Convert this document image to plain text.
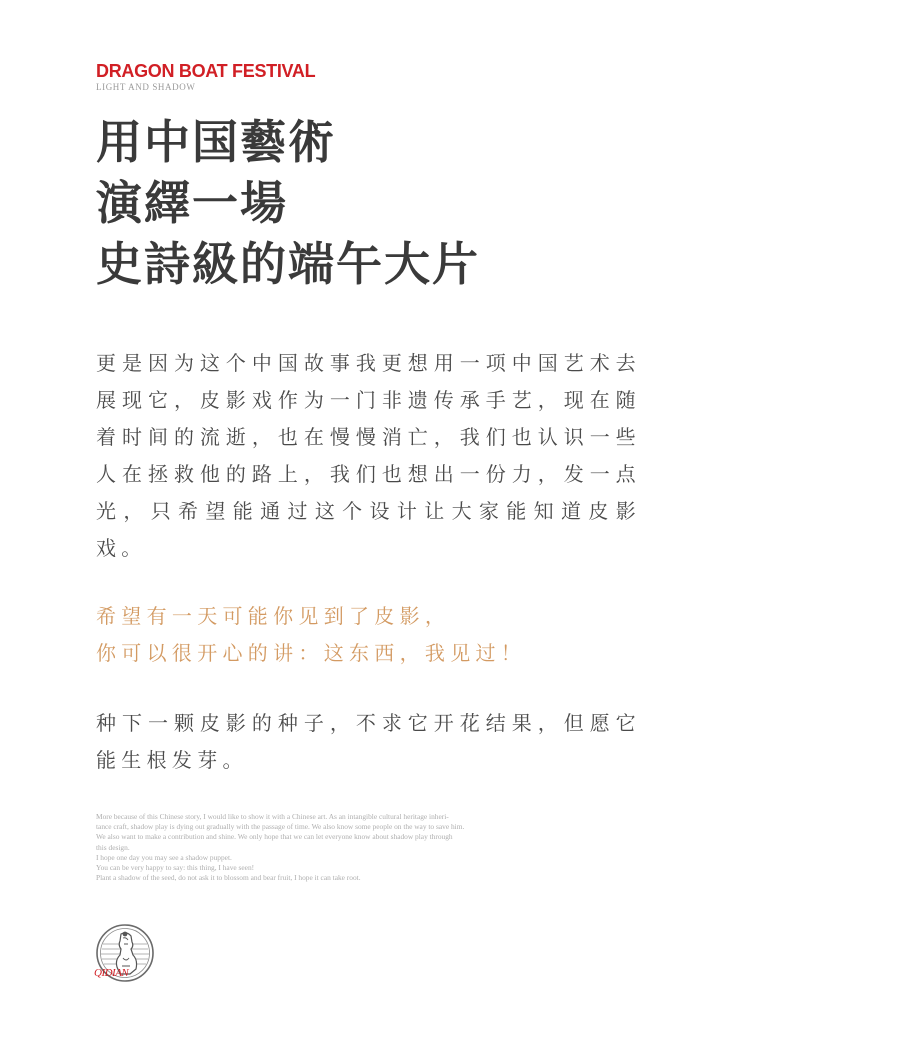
DRAGON BOAT FESTIVAL
LIGHT AND SHADOW
用中国藝術
演繹一場
史詩級的端午大片
更是因为这个中国故事我更想用一项中国艺术去展现它，皮影戏作为一门非遗传承手艺，现在随着时间的流逝，也在慢慢消亡，我们也认识一些人在拯救他的路上，我们也想出一份力，发一点光，只希望能通过这个设计让大家能知道皮影戏。
希望有一天可能你见到了皮影，
你可以很开心的讲：这东西，我见过！
种下一颗皮影的种子，不求它开花结果，但愿它能生根发芽。
More because of this Chinese story, I would like to show it with a Chinese art. As an intangible cultural heritage inheri-
tance craft, shadow play is dying out gradually with the passage of time. We also know some people on the way to save him.
We also want to make a contribution and shine. We only hope that we can let everyone know about shadow play through
this design.
I hope one day you may see a shadow puppet.
You can be very happy to say: this thing, I have seen!
Plant a shadow of the seed, do not ask it to blossom and bear fruit, I hope it can take root.
QIDIAN
